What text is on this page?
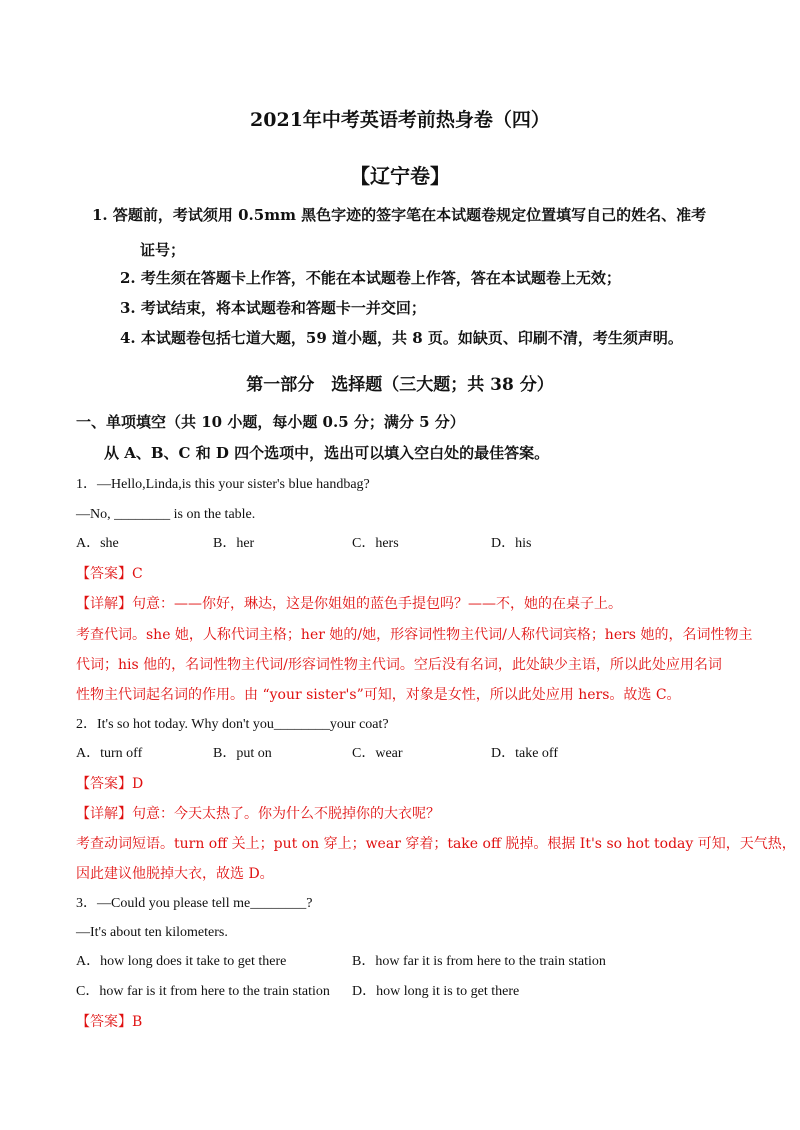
2021年中考英语考前热身卷（四）
【辽宁卷】
1. 答题前，考试须用 0.5mm 黑色字迹的签字笔在本试题卷规定位置填写自己的姓名、准考
证号；
2. 考生须在答题卡上作答，不能在本试题卷上作答，答在本试题卷上无效；
3. 考试结束，将本试题卷和答题卡一并交回；
4. 本试题卷包括七道大题，59 道小题，共 8 页。如缺页、印刷不清，考生须声明。
第一部分　选择题（三大题；共 38 分）
一、单项填空（共 10 小题，每小题 0.5 分；满分 5 分）
从 A、B、C 和 D 四个选项中，选出可以填入空白处的最佳答案。
1．—Hello,Linda,is this your sister's blue handbag?
—No, ________ is on the table.
A．she	B．her	C．hers	D．his
【答案】C
【详解】句意：——你好，琳达，这是你姐姐的蓝色手提包吗？——不，她的在桌子上。
考查代词。she 她，人称代词主格；her 她的/她，形容词性物主代词/人称代词宾格；hers 她的，名词性物主
代词；his 他的，名词性物主代词/形容词性物主代词。空后没有名词，此处缺少主语，所以此处应用名词
性物主代词起名词的作用。由 “your sister's”可知，对象是女性，所以此处应用 hers。故选 C。
2．It's so hot today. Why don't you________your coat?
A．turn off	B．put on	C．wear	D．take off
【答案】D
【详解】句意：今天太热了。你为什么不脱掉你的大衣呢？
考查动词短语。turn off 关上；put on 穿上；wear 穿着；take off 脱掉。根据 It's so hot today 可知，天气热，
因此建议他脱掉大衣，故选 D。
3．—Could you please tell me________?
—It's about ten kilometers.
A．how long does it take to get there	B．how far it is from here to the train station
C．how far is it from here to the train station D．how long it is to get there
【答案】B
